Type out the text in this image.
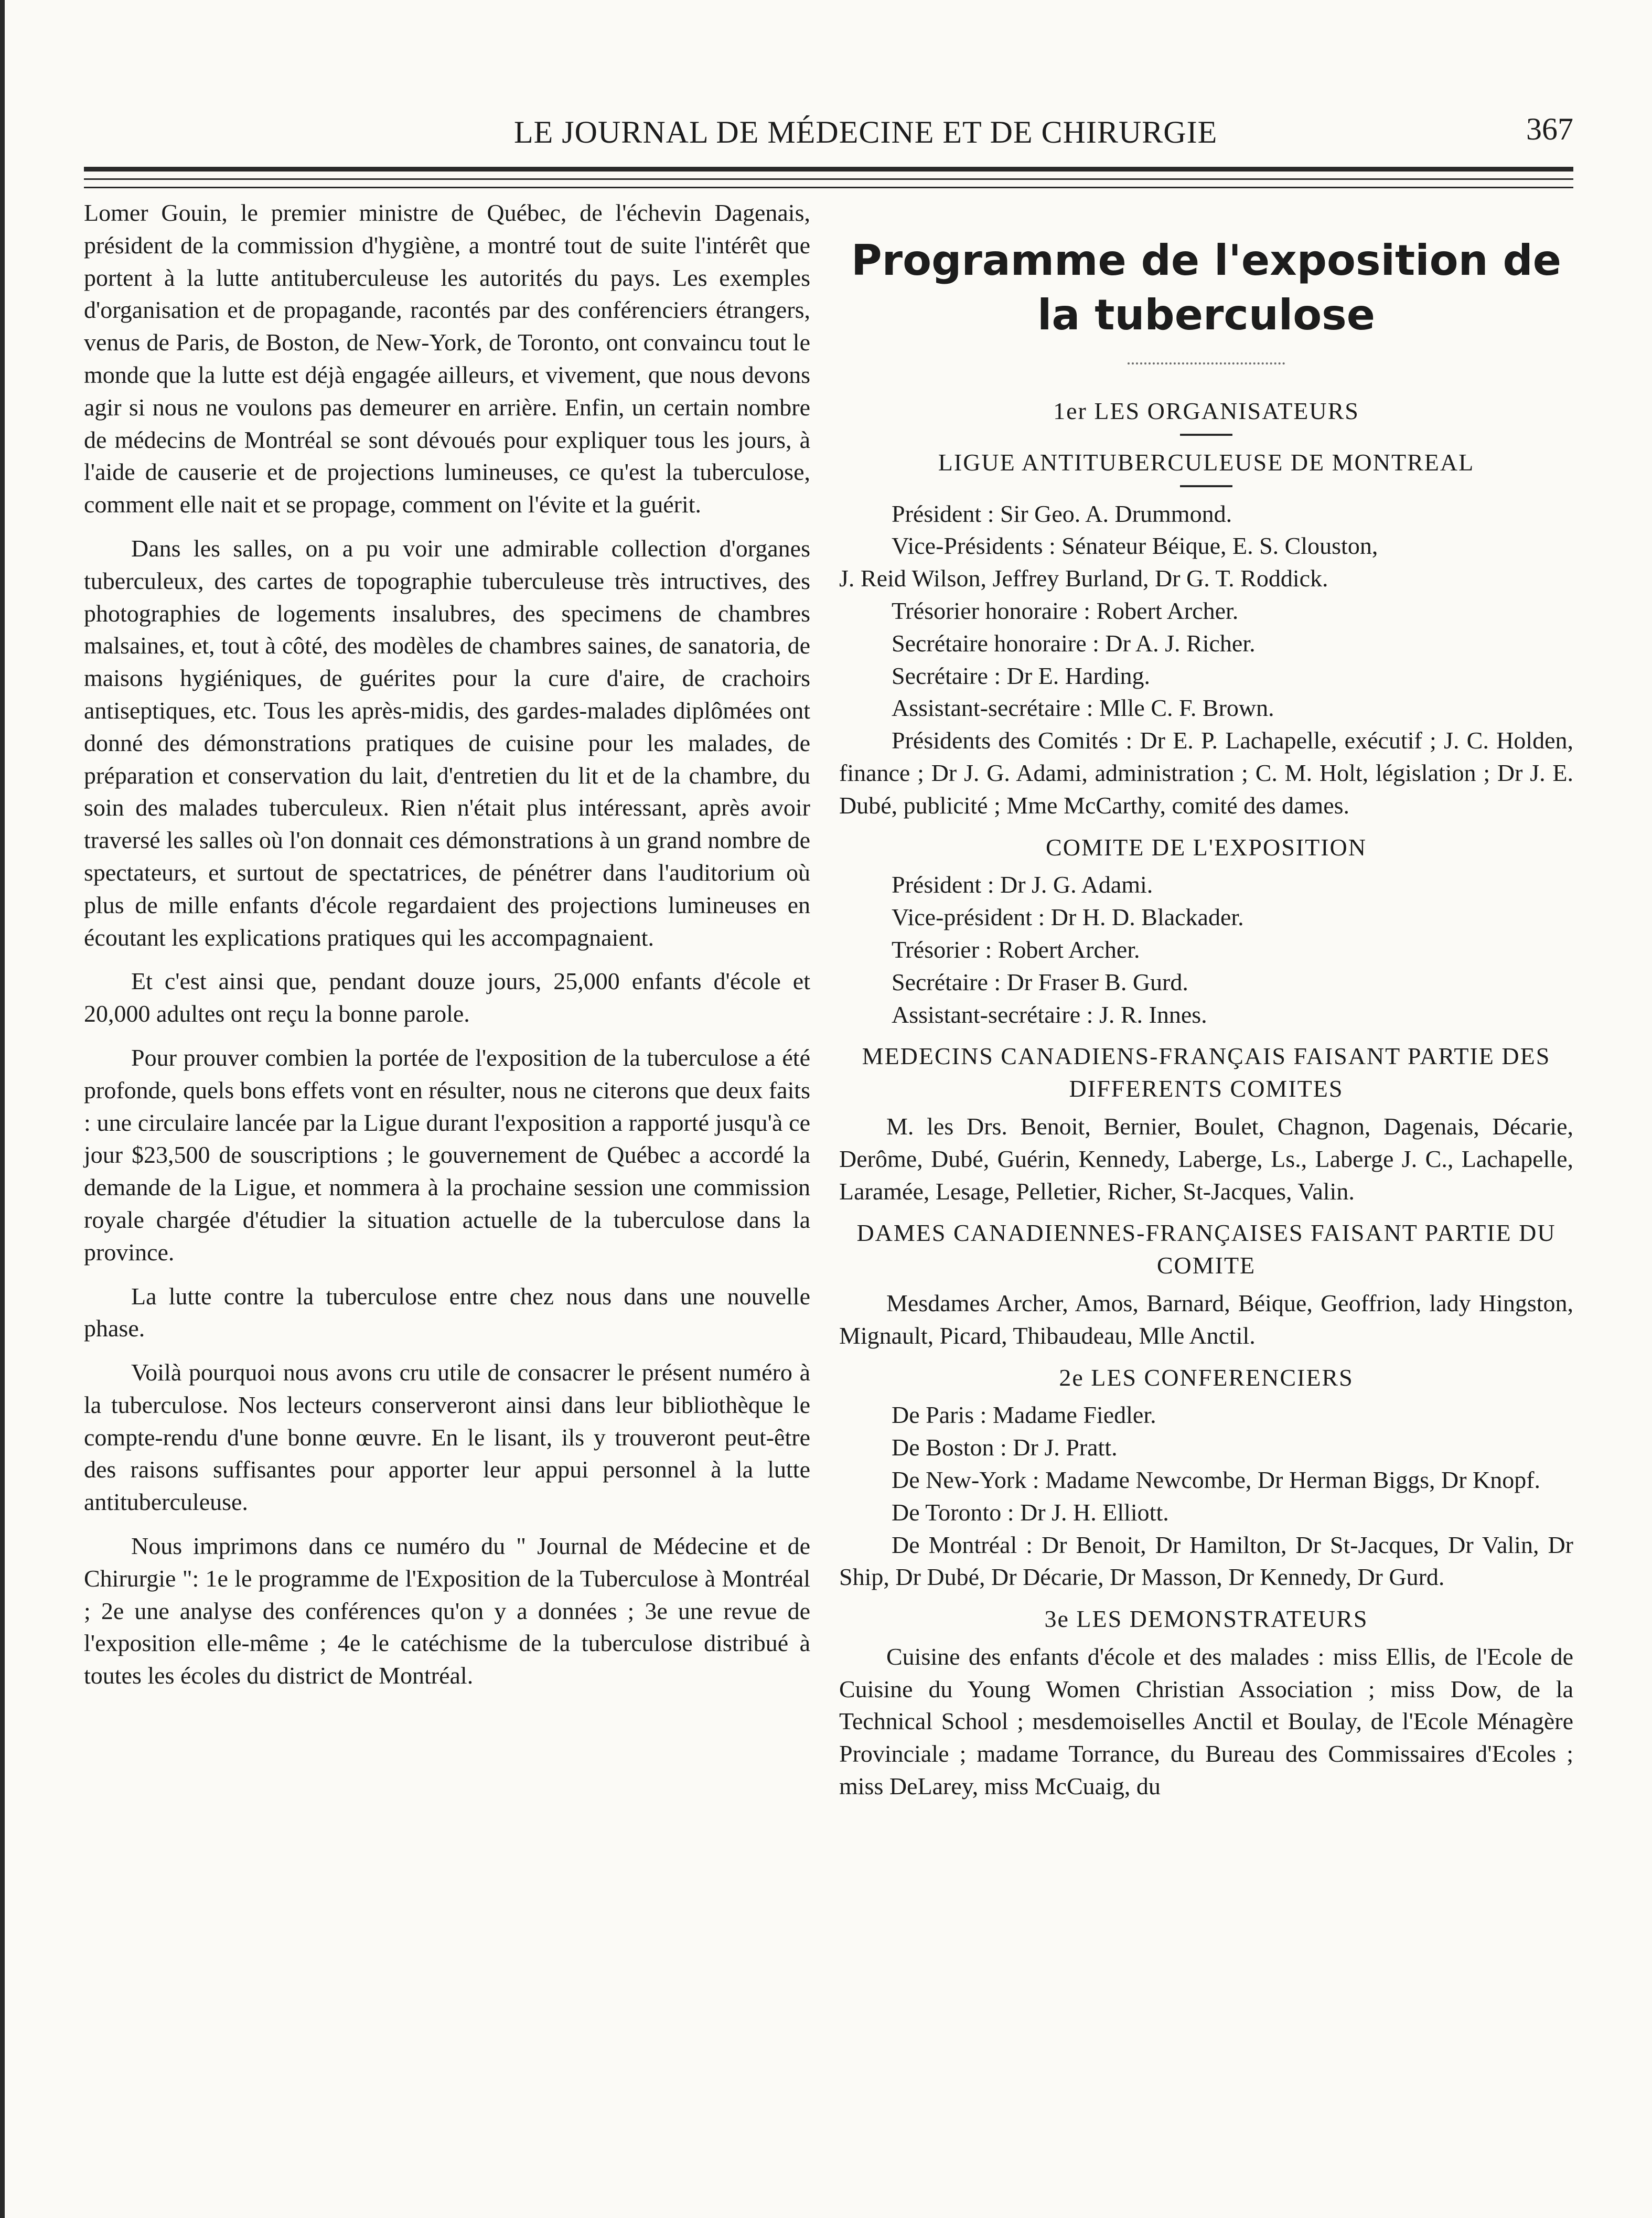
LE JOURNAL DE MÉDECINE ET DE CHIRURGIE	367

Lomer Gouin, le premier ministre de Québec, de l'échevin Dagenais, président de la commission d'hygiène, a montré tout de suite l'intérêt que portent à la lutte antituberculeuse les autorités du pays. Les exemples d'organisation et de propagande, racontés par des conférenciers étrangers, venus de Paris, de Boston, de New-York, de Toronto, ont convaincu tout le monde que la lutte est déjà engagée ailleurs, et vivement, que nous devons agir si nous ne voulons pas demeurer en arrière. Enfin, un certain nombre de médecins de Montréal se sont dévoués pour expliquer tous les jours, à l'aide de causerie et de projections lumineuses, ce qu'est la tuberculose, comment elle nait et se propage, comment on l'évite et la guérit.

Dans les salles, on a pu voir une admirable collection d'organes tuberculeux, des cartes de topographie tuberculeuse très intructives, des photographies de logements insalubres, des specimens de chambres malsaines, et, tout à côté, des modèles de chambres saines, de sanatoria, de maisons hygiéniques, de guérites pour la cure d'aire, de crachoirs antiseptiques, etc. Tous les après-midis, des gardes-malades diplômées ont donné des démonstrations pratiques de cuisine pour les malades, de préparation et conservation du lait, d'entretien du lit et de la chambre, du soin des malades tuberculeux. Rien n'était plus intéressant, après avoir traversé les salles où l'on donnait ces démonstrations à un grand nombre de spectateurs, et surtout de spectatrices, de pénétrer dans l'auditorium où plus de mille enfants d'école regardaient des projections lumineuses en écoutant les explications pratiques qui les accompagnaient.

Et c'est ainsi que, pendant douze jours, 25,000 enfants d'école et 20,000 adultes ont reçu la bonne parole.

Pour prouver combien la portée de l'exposition de la tuberculose a été profonde, quels bons effets vont en résulter, nous ne citerons que deux faits : une circulaire lancée par la Ligue durant l'exposition a rapporté jusqu'à ce jour $23,500 de souscriptions ; le gouvernement de Québec a accordé la demande de la Ligue, et nommera à la prochaine session une commission royale chargée d'étudier la situation actuelle de la tuberculose dans la province.

La lutte contre la tuberculose entre chez nous dans une nouvelle phase.

Voilà pourquoi nous avons cru utile de consacrer le présent numéro à la tuberculose. Nos lecteurs conserveront ainsi dans leur bibliothèque le compte-rendu d'une bonne œuvre. En le lisant, ils y trouveront peut-être des raisons suffisantes pour apporter leur appui personnel à la lutte antituberculeuse.

Nous imprimons dans ce numéro du " Journal de Médecine et de Chirurgie ": 1e le programme de l'Exposition de la Tuberculose à Montréal ; 2e une analyse des conférences qu'on y a données ; 3e une revue de l'exposition elle-même ; 4e le catéchisme de la tuberculose distribué à toutes les écoles du district de Montréal.

Programme de l'exposition de la tuberculose
1er LES ORGANISATEURS
LIGUE ANTITUBERCULEUSE DE MONTREAL
Président : Sir Geo. A. Drummond.
Vice-Présidents : Sénateur Béique, E. S. Clouston,
J. Reid Wilson, Jeffrey Burland, Dr G. T. Roddick.
Trésorier honoraire : Robert Archer.
Secrétaire honoraire : Dr A. J. Richer.
Secrétaire : Dr E. Harding.
Assistant-secrétaire : Mlle C. F. Brown.

Présidents des Comités : Dr E. P. Lachapelle, exécutif ; J. C. Holden, finance ; Dr J. G. Adami, administration ; C. M. Holt, législation ; Dr J. E. Dubé, publicité ; Mme McCarthy, comité des dames.

COMITE DE L'EXPOSITION
Président : Dr J. G. Adami.
Vice-président : Dr H. D. Blackader.
Trésorier : Robert Archer.
Secrétaire : Dr Fraser B. Gurd.
Assistant-secrétaire : J. R. Innes.
MEDECINS CANADIENS-FRANÇAIS FAISANT PARTIE DES DIFFERENTS COMITES

M. les Drs. Benoit, Bernier, Boulet, Chagnon, Dagenais, Décarie, Derôme, Dubé, Guérin, Kennedy, Laberge, Ls., Laberge J. C., Lachapelle, Laramée, Lesage, Pelletier, Richer, St-Jacques, Valin.

DAMES CANADIENNES-FRANÇAISES FAISANT PARTIE DU COMITE

Mesdames Archer, Amos, Barnard, Béique, Geoffrion, lady Hingston, Mignault, Picard, Thibaudeau, Mlle Anctil.

2e LES CONFERENCIERS
De Paris : Madame Fiedler.
De Boston : Dr J. Pratt.

De New-York : Madame Newcombe, Dr Herman Biggs, Dr Knopf.

De Toronto : Dr J. H. Elliott.

De Montréal : Dr Benoit, Dr Hamilton, Dr St-Jacques, Dr Valin, Dr Ship, Dr Dubé, Dr Décarie, Dr Masson, Dr Kennedy, Dr Gurd.

3e LES DEMONSTRATEURS

Cuisine des enfants d'école et des malades : miss Ellis, de l'Ecole de Cuisine du Young Women Christian Association ; miss Dow, de la Technical School ; mesdemoiselles Anctil et Boulay, de l'Ecole Ménagère Provinciale ; madame Torrance, du Bureau des Commissaires d'Ecoles ; miss DeLarey, miss McCuaig, du
